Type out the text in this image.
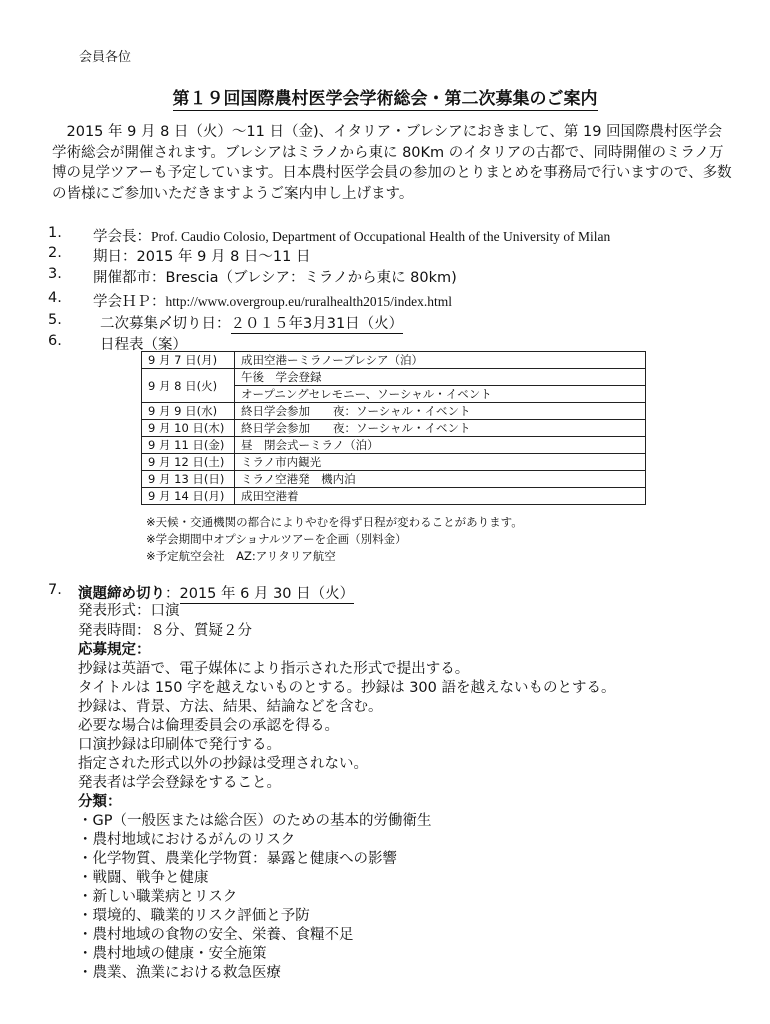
会員各位
第１９回国際農村医学会学術総会・第二次募集のご案内
　2015 年 9 月 8 日（火）〜11 日（金)、イタリア・ブレシアにおきまして、第 19 回国際農村医学会学術総会が開催されます。ブレシアはミラノから東に 80Km のイタリアの古都で、同時開催のミラノ万博の見学ツアーも予定しています。日本農村医学会員の参加のとりまとめを事務局で行いますので、多数の皆様にご参加いただきますようご案内申し上げます。
1. 学会長：Prof. Caudio Colosio, Department of Occupational Health of the University of Milan
2. 期日：2015 年 9 月 8 日〜11 日
3. 開催都市：Brescia（ブレシア：ミラノから東に 80km)
4. 学会ＨＰ：http://www.overgroup.eu/ruralhealth2015/index.html
5.	二次募集〆切り日：２０１５年3月31日（火）
6.	日程表（案）
9 月 7 日(月)	成田空港ーミラノーブレシア（泊）
9 月 8 日(火)	午後　学会登録
	オープニングセレモニー、ソーシャル・イベント
9 月 9 日(水)	終日学会参加　　夜：ソーシャル・イベント
9 月 10 日(木)	終日学会参加　　夜：ソーシャル・イベント
9 月 11 日(金)	昼　閉会式ーミラノ（泊）
9 月 12 日(土)	ミラノ市内観光
9 月 13 日(日)	ミラノ空港発　機内泊
9 月 14 日(月)	成田空港着
※天候・交通機関の都合によりやむを得ず日程が変わることがあります。
※学会期間中オプショナルツアーを企画（別料金）
※予定航空会社　AZ:アリタリア航空
7. 演題締め切り：2015 年 6 月 30 日（火）
発表形式：口演
発表時間：８分、質疑２分
応募規定：
抄録は英語で、電子媒体により指示された形式で提出する。
タイトルは 150 字を越えないものとする。抄録は 300 語を越えないものとする。
抄録は、背景、方法、結果、結論などを含む。
必要な場合は倫理委員会の承認を得る。
口演抄録は印刷体で発行する。
指定された形式以外の抄録は受理されない。
発表者は学会登録をすること。
分類：
・GP（一般医または総合医）のための基本的労働衛生
・農村地域におけるがんのリスク
・化学物質、農業化学物質：暴露と健康への影響
・戦闘、戦争と健康
・新しい職業病とリスク
・環境的、職業的リスク評価と予防
・農村地域の食物の安全、栄養、食糧不足
・農村地域の健康・安全施策
・農業、漁業における救急医療
